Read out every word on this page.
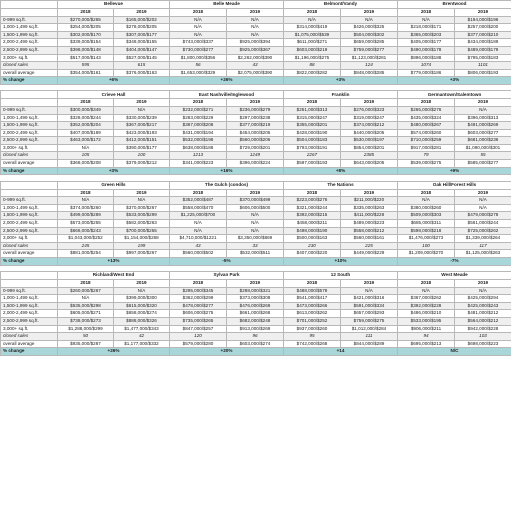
	Bellevue		Belle Meade		Belmont/Vandy		Brentwood	
	2018	2019	2018	2019	2018	2019	2018	2019
0-999 sq.ft.	$270,000/$265	$165,000/$202	N/A	N/A	N/A	N/A	N/A	$194,000/$196
1,000-1,499 sq.ft.	$254,000/$205	$278,000/$205	N/A	N/A	$314,000/$419	$426,000/$325	$218,000/$171	$257,000/$200
1,500-1,999 sq.ft.	$302,000/$170	$307,000/$177	N/A	N/A	$1,075,000/$539	$504,000/$302	$365,000/$203	$377,000/$210
2,000-2,499 sq.ft.	$339,000/$154	$348,000/$155	$743,000/$337	$925,000/$394	$611,000/$271	$659,000/$285	$405,000/$177	$434,000/$189
2,500-2,999 sq.ft.	$398,000/$148	$404,000/$147	$730,000/$277	$925,000/$367	$603,000/$219	$759,000/$277	$490,000/$178	$489,000/$179
3,000+ sq.ft.	$517,000/$143	$527,000/$145	$1,800,000/$356	$2,262,000/$390	$1,196,000/$275	$1,123,000/$281	$896,000/$188	$795,000/$183
closed sales	595	615	56	43	88	124	1074	1101
overall average	$354,000/$161	$376,000/$163	$1,653,000/$329	$2,075,000/$390	$822,000/$282	$848,000/$285	$779,000/$186	$806,000/$193
% change	+6%		+26%		+3%		+3%	

	Crieve Hall		East Nashville/Inglewood		Franklin		Germantown/Salemtown	
	2018	2019	2018	2019	2018	2019	2018	2019
0-999 sq.ft.	$300,000/$349	N/A	$232,000/$271	$236,000/$279	$251,000/$313	$276,000/$323	$265,000/$276	N/A
1,000-1,499 sq.ft.	$328,000/$244	$330,000/$239	$283,000/$229	$297,000/$238	$315,000/$247	$319,000/$247	$435,000/$324	$396,000/$313
1,500-1,999 sq.ft.	$352,000/$204	$367,000/$217	$367,000/$208	$377,000/$219	$355,000/$201	$374,000/$212	$480,000/$267	$491,000/$269
2,000-2,499 sq.ft.	$407,000/$189	$423,000/$193	$431,000/$194	$454,000/$205	$428,000/$190	$440,000/$205	$574,000/$260	$603,000/$277
2,500-2,999 sq.ft.	$463,000/$172	$412,000/$151	$532,000/$198	$560,000/$206	$504,000/$183	$530,000/$197	$710,000/$259	$681,000/$236
3,000+ sq.ft.	N/A	$390,000/$177	$638,000/$188	$729,000/$201	$793,000/$191	$854,000/$201	$917,000/$281	$1,090,000/$301
closed sales	105	100	1213	1249	2267	2385	79	55
overall average	$368,000/$208	$379,000/$212	$341,000/$223	$396,000/$224	$597,000/$193	$643,000/$205	$539,000/$275	$585,000/$277
% change	+3%		+16%		+8%		+9%	

	Green Hills		The Gulch (condos)		The Nations		Oak Hill/Forest Hills	
	2018	2019	2018	2019	2018	2019	2018	2019
0-999 sq.ft.	N/A	N/A	$352,000/$487	$370,000/$499	$223,000/$276	$211,000/$220	N/A	N/A
1,000-1,499 sq.ft.	$374,000/$260	$370,000/$267	$558,000/$470	$606,000/$500	$321,000/$244	$335,000/$263	$380,000/$260	N/A
1,500-1,999 sq.ft.	$499,000/$289	$533,000/$299	$1,225,000/$700	N/A	$392,000/$215	$411,000/$228	$509,000/$303	$479,000/$278
2,000-2,499 sq.ft.	$573,000/$255	$582,000/$263	N/A	N/A	$458,000/$211	$489,000/$223	$685,000/$311	$561,000/$244
2,500-2,999 sq.ft.	$666,000/$243	$700,000/$255	N/A	N/A	$498,000/$190	$558,000/$212	$598,000/$218	$725,000/$262
3,000+ sq.ft.	$1,043,000/$252	$1,154,000/$268	$4,710,000/$1221	$3,350,000/$869	$500,000/$163	$560,000/$161	$1,476,000/$273	$1,339,000/$264
closed sales	245	199	43	33	230	225	100	117
overall average	$881,000/$254	$997,000/$267	$560,000/$502	$532,000/$511	$407,000/$220	$449,000/$229	$1,209,000/$270	$1,125,000/$263
% change	+13%		-5%		+10%		-7%	

	Richland/West End		Sylvan Park		12 South		West Meade	
	2018	2019	2018	2019	2018	2019	2018	2019
0-999 sq.ft.	$260,000/$267	N/A	$295,000/$345	$288,000/$321	$488,000/$578	N/A	N/A	N/A
1,000-1,499 sq.ft.	N/A	$399,000/$300	$362,000/$299	$373,000/$308	$541,000/$417	$421,000/$316	$367,000/$262	$425,000/$294
1,500-1,999 sq.ft.	$535,000/$298	$615,000/$320	$478,000/$277	$476,000/$269	$473,000/$266	$591,000/$334	$392,000/$228	$425,000/$243
2,000-2,499 sq.ft.	$605,000/$271	$658,000/$274	$606,000/$275	$661,000/$268	$613,000/$262	$657,000/$293	$486,000/$210	$481,000/$212
2,500-2,999 sq.ft.	$738,000/$273	$888,000/$326	$735,000/$265	$682,000/$248	$701,000/$252	$759,000/$275	$533,000/$195	$564,000/$212
3,000+ sq.ft.	$1,288,000/$299	$1,477,000/$343	$847,000/$257	$913,000/$269	$937,000/$260	$1,012,000/$284	$906,000/$211	$942,000/$228
closed sales	50	42	120	96	95	111	94	103
overall average	$935,000/$287	$1,177,000/$332	$579,000/$280	$603,000/$274	$742,000/$268	$844,000/$289	$695,000/$213	$698,000/$223
% change	+26%		+20%		+14		N/C	
